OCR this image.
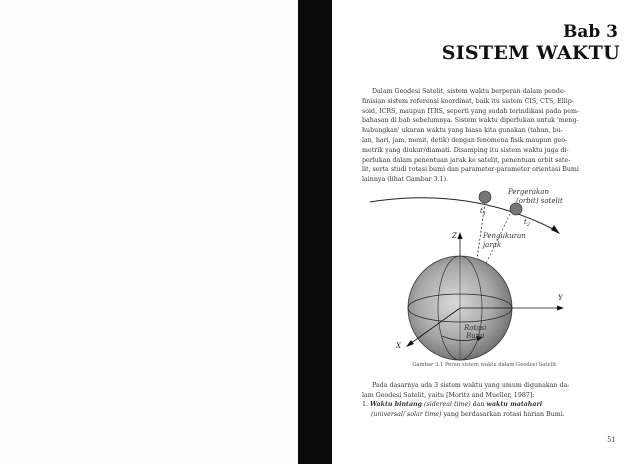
Bab 3
SISTEM WAKTU
Dalam Geodesi Satelit, sistem waktu berperan dalam pende-
finisian sistem referensi koordinat, baik itu sistem CIS, CTS, Ellip-
soid, ICRS, maupun ITRS, seperti yang sudah terindikasi pada pem-
bahasan di bab sebelumnya. Sistem waktu diperlukan untuk 'meng-
hubungkan' ukuran waktu yang biasa kita gunakan (tahun, bu-
lan, hari, jam, menit, detik) dengan fenomena fisik maupun geo-
metrik yang diukur/diamati. Disamping itu sistem waktu juga di-
perlukan dalam penentuan jarak ke satelit, penentuan orbit sate-
lit, serta studi rotasi bumi dan parameter-parameter orientasi Bumi
lainnya (lihat Gambar 3.1).
Pergerakan
(orbit) satelit
$t_1$
$t_2$
Pengukuran
jarak
Z
Y
X
Rotasi
Bumi
Gambar 3.1 Peran sistem waktu dalam Geodesi Satelit.
Pada dasarnya ada 3 sistem waktu yang umum digunakan da-
lam Geodesi Satelit, yaitu [Moritz and Mueller, 1987]:
1. Waktu bintang (sidereal time) dan waktu matahari
(universal/ solar time) yang berdasarkan rotasi harian Bumi.
51
